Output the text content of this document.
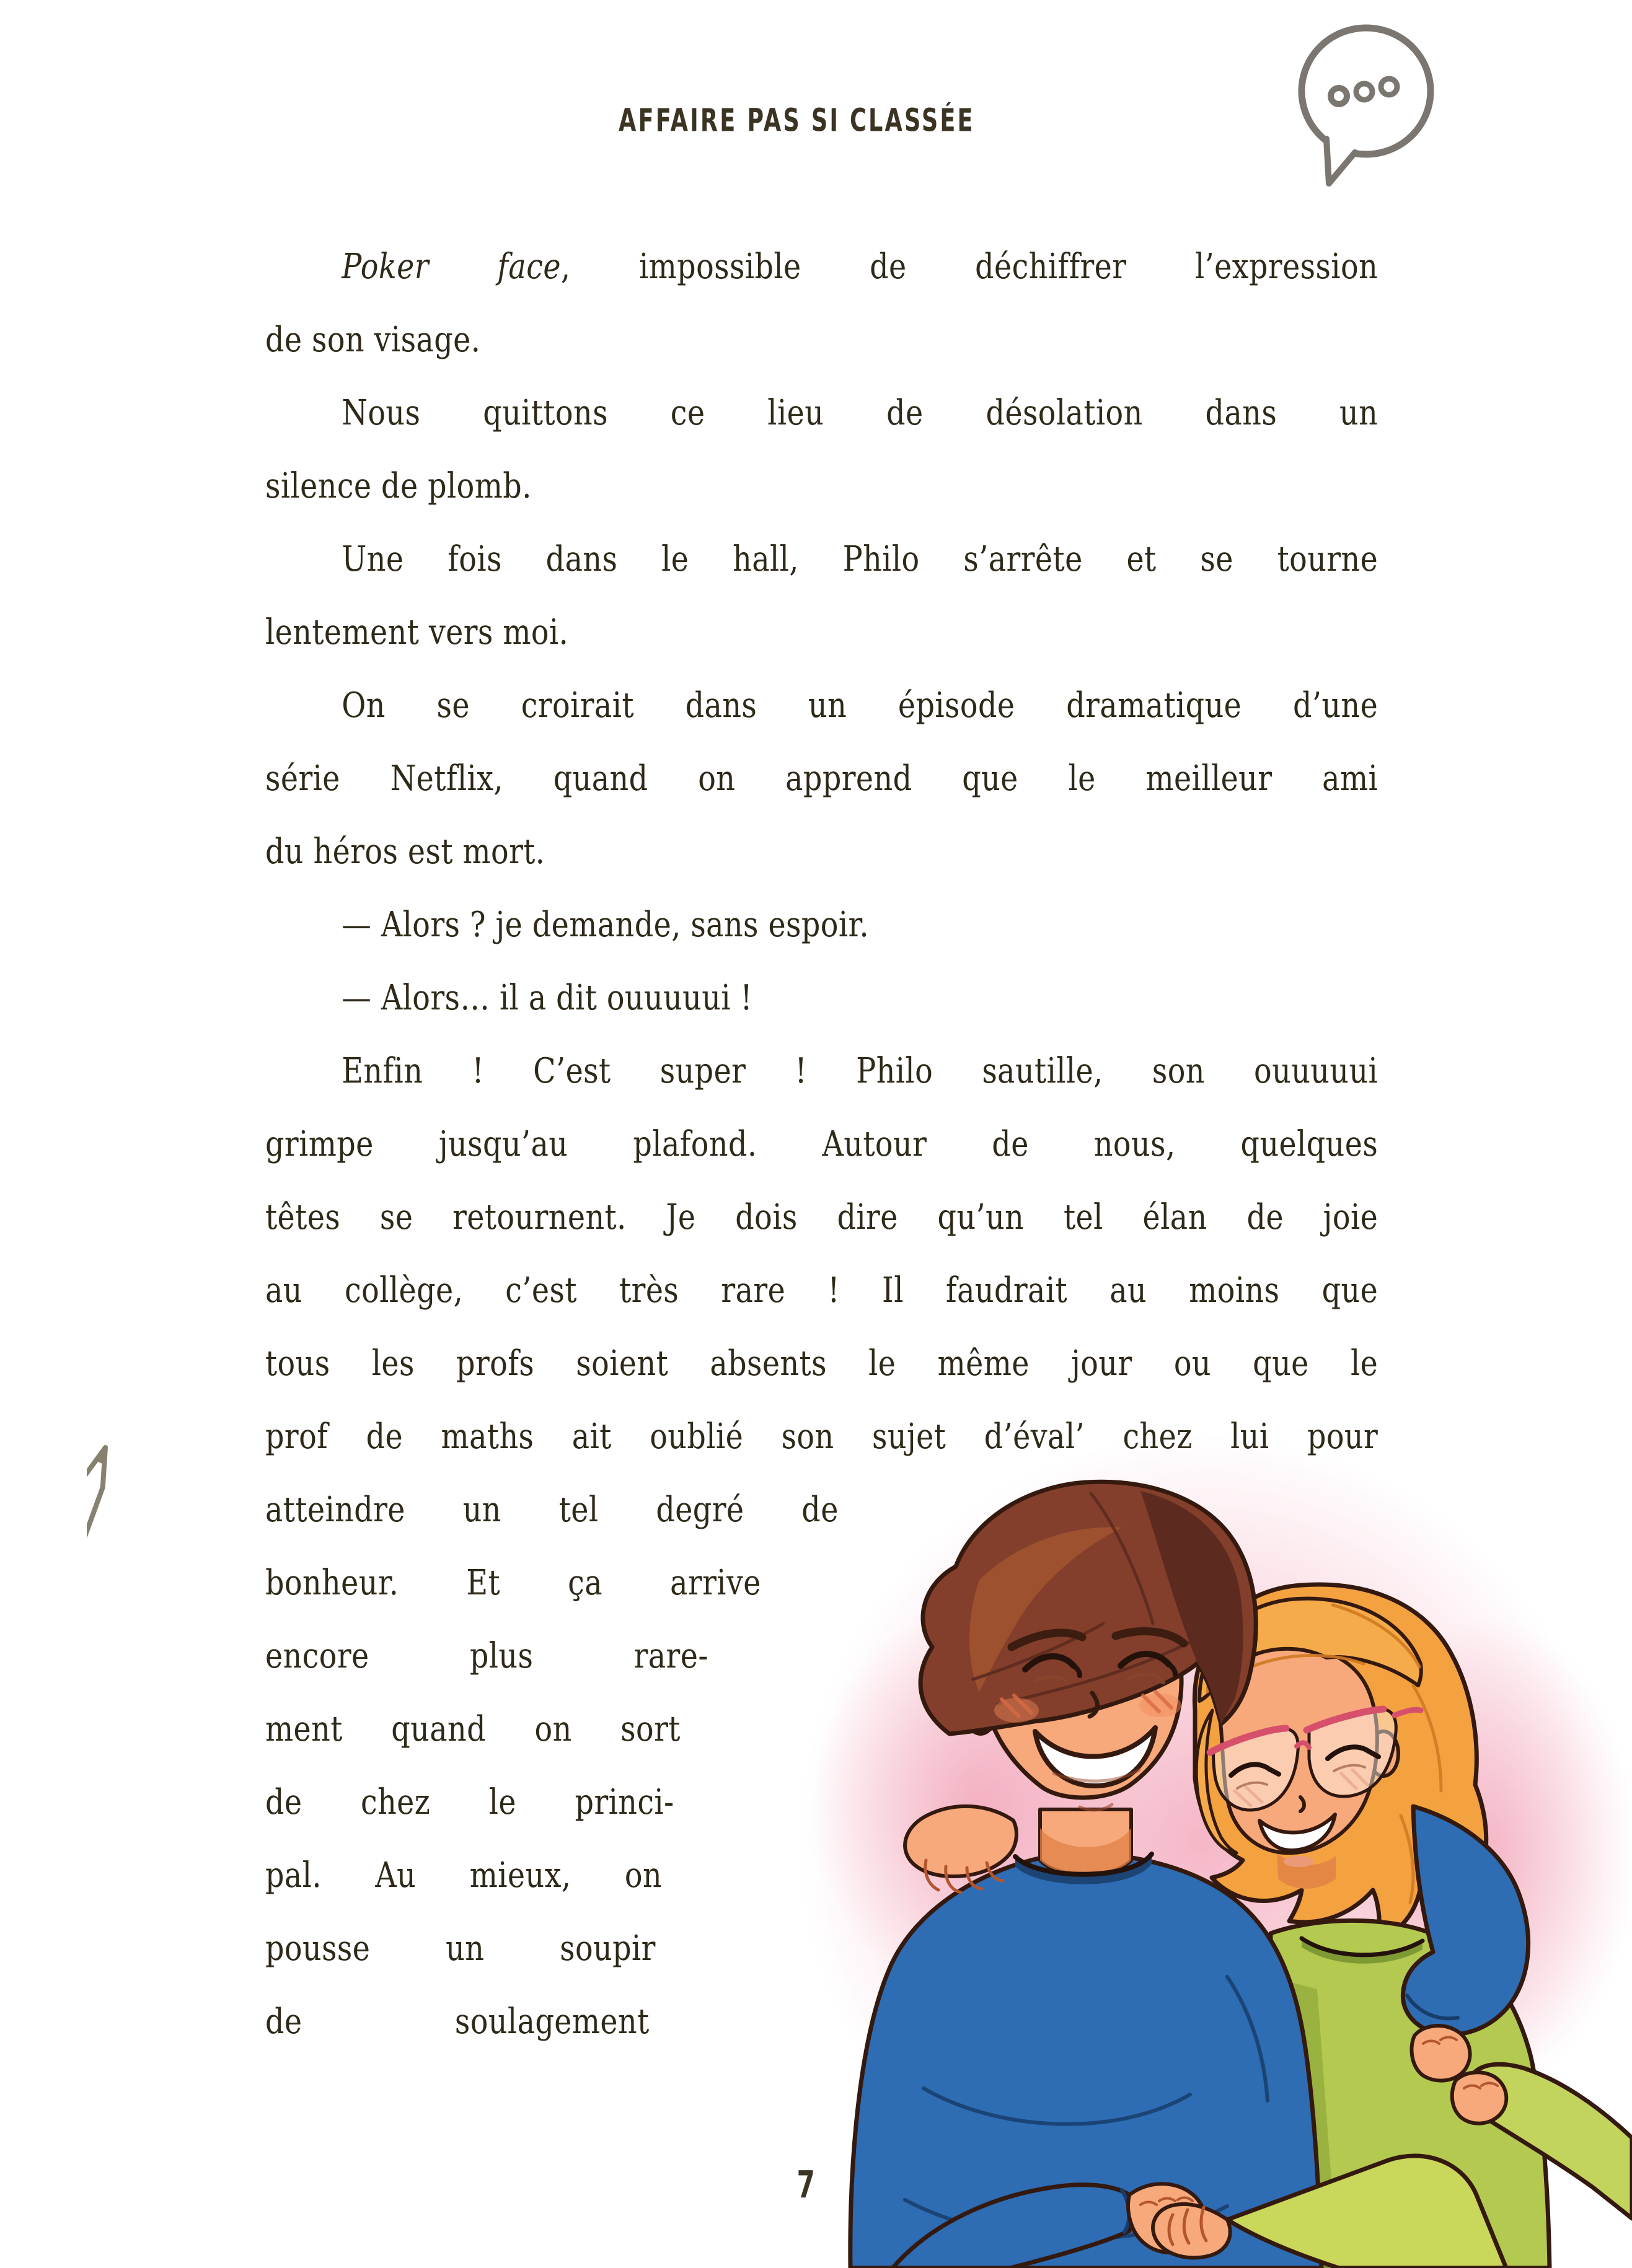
AFFAIRE PAS SI CLASSÉE
Poker face, impossible de déchiffrer l’expression
de son visage.
Nous quittons ce lieu de désolation dans un
silence de plomb.
Une fois dans le hall, Philo s’arrête et se tourne
lentement vers moi.
On se croirait dans un épisode dramatique d’une
série Netflix, quand on apprend que le meilleur ami
du héros est mort.
— Alors ? je demande, sans espoir.
— Alors… il a dit ouuuuui !
Enfin ! C’est super ! Philo sautille, son ouuuuui
grimpe jusqu’au plafond. Autour de nous, quelques
têtes se retournent. Je dois dire qu’un tel élan de joie
au collège, c’est très rare ! Il faudrait au moins que
tous les profs soient absents le même jour ou que le
prof de maths ait oublié son sujet d’éval’ chez lui pour
atteindre un tel degré de
bonheur. Et ça arrive
encore plus rare-
ment quand on sort
de chez le princi-
pal. Au mieux, on
pousse un soupir
de soulagement
7
